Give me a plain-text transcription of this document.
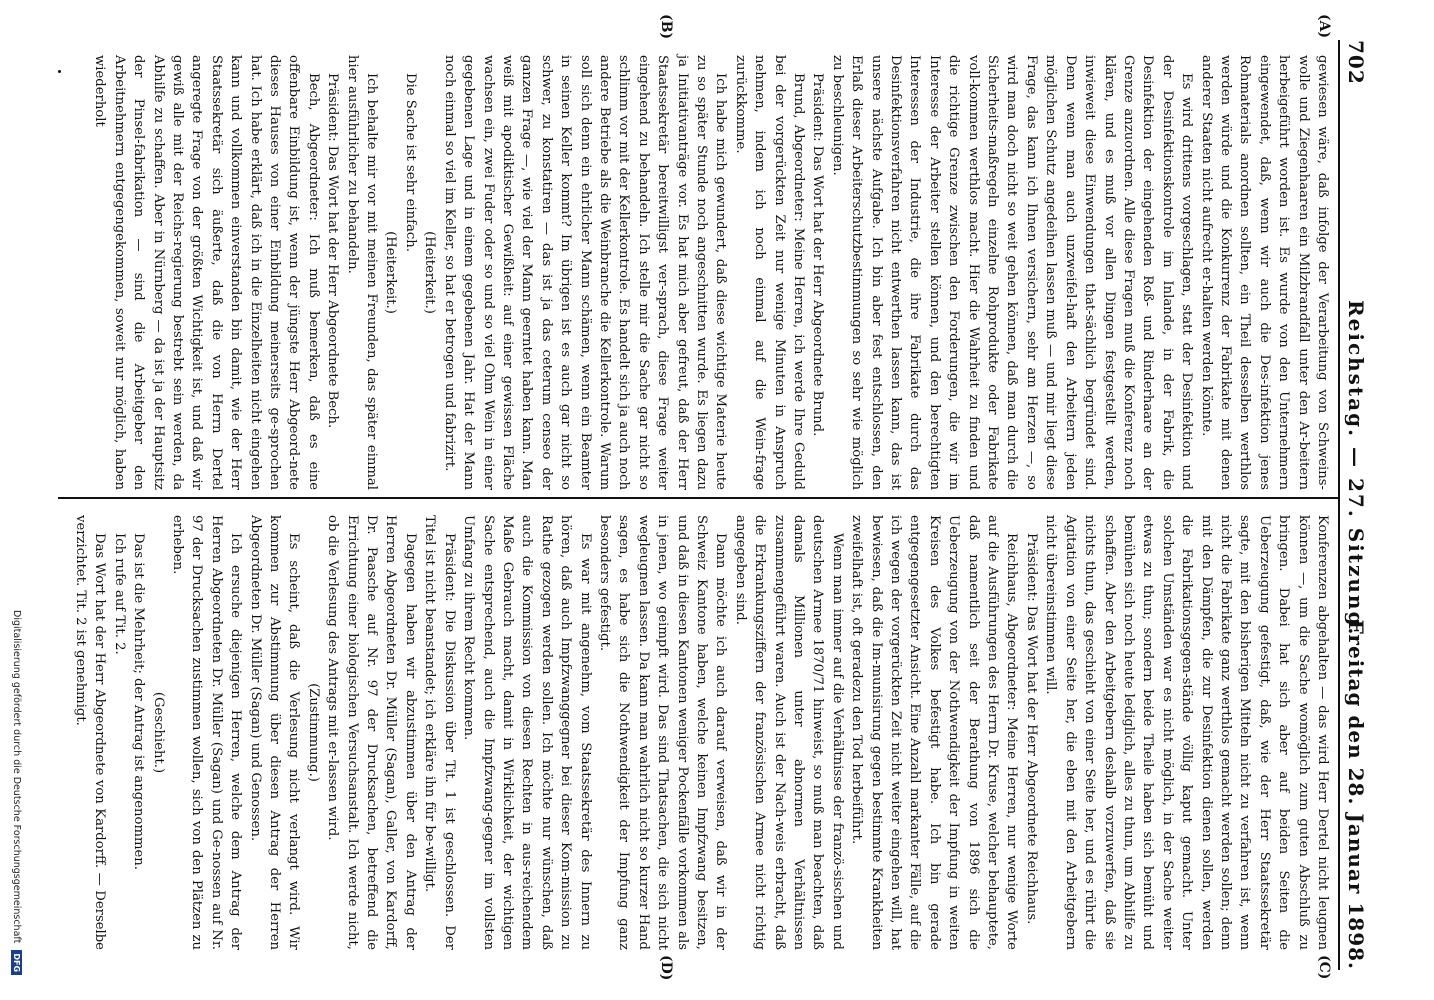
702
Reichstag. — 27. Sitzung.
Freitag den 28. Januar 1898.
(A)
(B)
(C)
(D)

gewiesen wäre, daß infolge der Verarbeitung von Schweins-wolle und Ziegenhaaren ein Milzbrandfall unter den Ar-beitern herbeigeführt worden ist. Es wurde von den Unternehmern eingewendet, daß, wenn wir auch die Des-infektion jenes Rohmaterials anordnen sollten, ein Theil desselben werthlos werden würde und die Konkurrenz der Fabrikate mit denen anderer Staaten nicht aufrecht er-halten werden könnte.

Es wird drittens vorgeschlagen, statt der Desinfektion und der Desinfektionskontrole im Inlande, in der Fabrik, die Desinfektion der eingehenden Roß- und Rinderhaare an der Grenze anzuordnen. Alle diese Fragen muß die Konferenz noch klären, und es muß vor allen Dingen festgestellt werden, inwieweit diese Einwendungen that-sächlich begründet sind. Denn wenn man auch unzweifel-haft den Arbeitern jeden möglichen Schutz angedeihen lassen muß — und mir liegt diese Frage, das kann ich Ihnen versichern, sehr am Herzen —, so wird man doch nicht so weit gehen können, daß man durch die Sicherheits-maßregeln einzelne Rohprodukte oder Fabrikate voll-kommen werthlos macht. Hier die Wahrheit zu finden und die richtige Grenze zwischen den Forderungen, die wir im Interesse der Arbeiter stellen können, und den berechtigten Interessen der Industrie, die ihre Fabrikate durch das Desinfektionsverfahren nicht entwerthen lassen kann, das ist unsere nächste Aufgabe. Ich bin aber fest entschlossen, den Erlaß dieser Arbeiterschutzbestimmungen so sehr wie möglich zu beschleunigen.

Präsident: Das Wort hat der Herr Abgeordnete Brund.

Brund, Abgeordneter: Meine Herren, ich werde Ihre Geduld bei der vorgerückten Zeit nur wenige Minuten in Anspruch nehmen, indem ich noch einmal auf die Wein-frage zurückkomme.

Ich habe mich gewundert, daß diese wichtige Materie heute zu so später Stunde noch angeschnitten wurde. Es liegen dazu ja Initiativanträge vor. Es hat mich aber gefreut, daß der Herr Staatssekretär bereitwilligst ver-sprach, diese Frage weiter eingehend zu behandeln. Ich stelle mir die Sache gar nicht so schlimm vor mit der Kellerkontrole. Es handelt sich ja auch noch andere Betriebe als die Weinbranche die Kellerkontrole. Warum soll sich denn ein ehrlicher Mann schämen, wenn ein Beamter in seinen Keller kommt? Im übrigen ist es auch gar nicht so schwer, zu konstatiren — das ist ja das ceterum censeo der ganzen Frage —, wie viel der Mann geerntet haben kann. Man weiß mit apodiktischer Gewißheit: auf einer gewissen Fläche wachsen ein, zwei Fuder oder so und so viel Ohm Wein in einer gegebenen Lage und in einem gegebenen Jahr. Hat der Mann noch einmal so viel im Keller, so hat er betrogen und fabrizirt.

(Heiterkeit.)

Die Sache ist sehr einfach.

(Heiterkeit.)

Ich behalte mir vor mit meinen Freunden, das später einmal hier ausführlicher zu behandeln.

Präsident: Das Wort hat der Herr Abgeordnete Bech.

Bech, Abgeordneter: Ich muß bemerken, daß es eine offenbare Einbildung ist, wenn der jüngste Herr Abgeord-nete dieses Hauses von einer Einbildung meinerseits ge-sprochen hat. Ich habe erklärt, daß ich in die Einzelheiten nicht eingehen kann und vollkommen einverstanden bin damit, wie der Herr Staatssekretär sich äußerte, daß die von Herrn Dertel angeregte Frage von der größten Wichtigkeit ist, und daß wir gewiß alle mit der Reichs-regierung bestrebt sein werden, da Abhilfe zu schaffen. Aber in Nürnberg — da ist ja der Hauptsitz der Pinsel-fabrikation — sind die Arbeitgeber den Arbeitnehmern entgegengekommen, soweit nur möglich, haben wiederholt

Konferenzen abgehalten — das wird Herr Dertel nicht leugnen können —, um die Sache womöglich zum guten Abschluß zu bringen. Dabei hat sich aber auf beiden Seiten die Ueberzeugung gefestigt, daß, wie der Herr Staatssekretär sagte, mit den bisherigen Mitteln nicht zu verfahren ist, wenn nicht die Fabrikate ganz werthlos gemacht werden sollen; denn mit den Dämpfen, die zur Desinfektion dienen sollen, werden die Fabrikationsgegen-stände völlig kaput gemacht. Unter solchen Umständen war es nicht möglich, in der Sache weiter etwas zu thun; sondern beide Theile haben sich bemüht und bemühen sich noch heute lediglich, alles zu thun, um Abhilfe zu schaffen. Aber den Arbeitgebern deshalb vorzuwerfen, daß sie nichts thun, das geschieht von einer Seite her, und es rührt die Agitation von einer Seite her, die eben mit den Arbeitgebern nicht übereinstimmen will.

Präsident: Das Wort hat der Herr Abgeordnete Reichhaus.

Reichhaus, Abgeordneter: Meine Herren, nur wenige Worte auf die Ausführungen des Herrn Dr. Kruse, welcher behauptete, daß namentlich seit der Berathung von 1896 sich die Ueberzeugung von der Nothwendigkeit der Impfung in weiten Kreisen des Volkes befestigt habe. Ich bin gerade entgegengesetzter Ansicht. Eine Anzahl markanter Fälle, auf die ich wegen der vorgerückten Zeit nicht weiter eingehen will, hat bewiesen, daß die Im-munisirung gegen bestimmte Krankheiten zweifelhaft ist, oft geradezu den Tod herbeiführt.

Wenn man immer auf die Verhältnisse der franzö-sischen und deutschen Armee 1870/71 hinweist, so muß man beachten, daß damals Millionen unter abnormen Verhältnissen zusammengeführt waren. Auch ist der Nach-weis erbracht, daß die Erkrankungsziffern der französischen Armee nicht richtig angegeben sind.

Dann möchte ich auch darauf verweisen, daß wir in der Schweiz Kantone haben, welche keinen Impfzwang besitzen, und daß in diesen Kantonen weniger Pockenfälle vorkommen als in jenen, wo geimpft wird. Das sind Thatsachen, die sich nicht wegleugnen lassen. Da kann man wahrlich nicht so kurzer Hand sagen, es habe sich die Nothwendigkeit der Impfung ganz besonders gefestigt.

Es war mit angenehm, vom Staatssekretär des Innern zu hören, daß auch Impfzwanggegner bei dieser Kom-mission zu Rathe gezogen werden sollen. Ich möchte nur wünschen, daß auch die Kommission von diesen Rechten in aus-reichendem Maße Gebrauch macht, damit in Wirklichkeit, der wichtigen Sache entsprechend, auch die Impfzwang-gegner im vollsten Umfang zu ihrem Recht kommen.

Präsident: Die Diskussion über Tit. 1 ist geschlossen. Der Titel ist nicht beanstandet; ich erkläre ihn für be-willigt.

Dagegen haben wir abzustimmen über den Antrag der Herren Abgeordneten Dr. Müller (Sagan), Galler, von Kardorff, Dr. Paasche auf Nr. 97 der Drucksachen, betreffend die Errichtung einer biologischen Versuchsanstalt. Ich werde nicht, ob die Verlesung des Antrags mit er-lassen wird.

(Zustimmung.)

Es scheint, daß die Verlesung nicht verlangt wird. Wir kommen zur Abstimmung über diesen Antrag der Herren Abgeordneten Dr. Müller (Sagan) und Genossen.

Ich ersuche diejenigen Herren, welche dem Antrag der Herren Abgeordneten Dr. Müller (Sagan) und Ge-nossen auf Nr. 97 der Drucksachen zustimmen wollen, sich von den Plätzen zu erheben.

(Geschieht.)

Das ist die Mehrheit; der Antrag ist angenommen.

Ich rufe auf Tit. 2.

Das Wort hat der Herr Abgeordnete von Kardorff. — Derselbe verzichtet. Tit. 2 ist genehmigt.

Digitalisierung gefördert durch die Deutsche Forschungsgemeinschaft DFG
